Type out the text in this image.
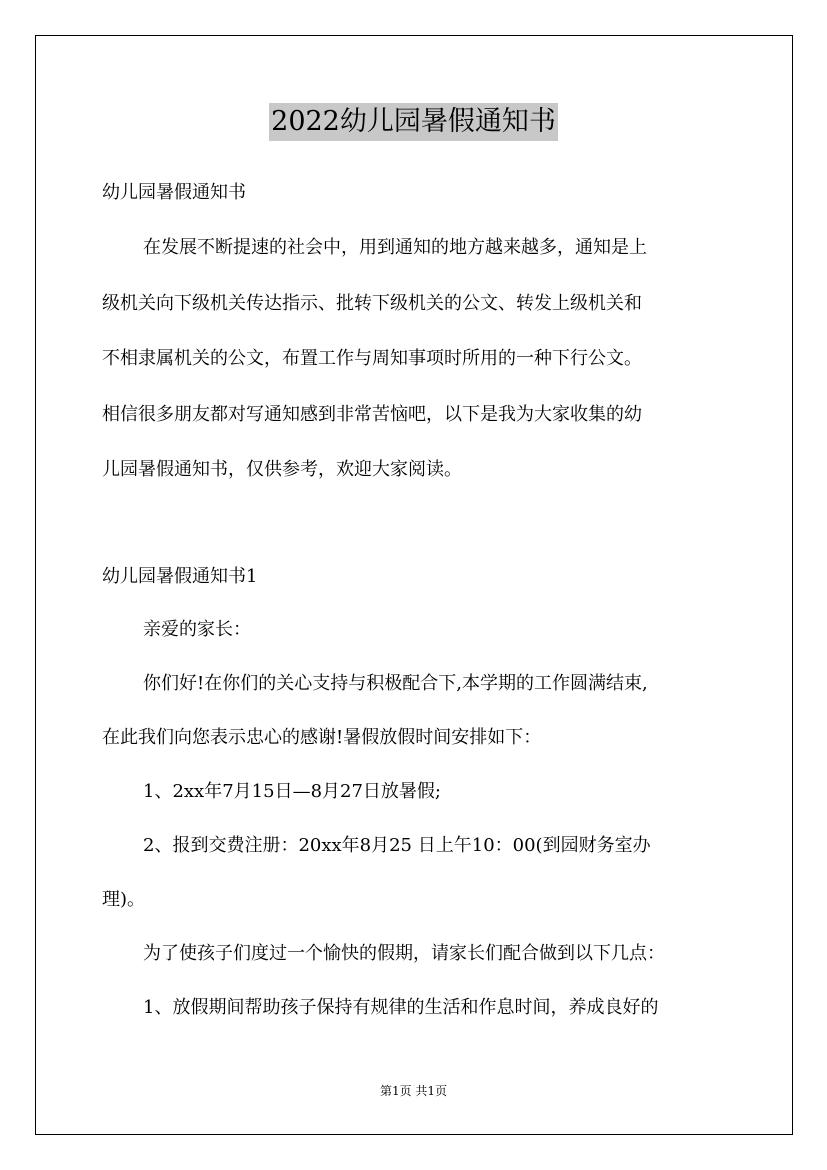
2022幼儿园暑假通知书
幼儿园暑假通知书
在发展不断提速的社会中，用到通知的地方越来越多，通知是上
级机关向下级机关传达指示、批转下级机关的公文、转发上级机关和
不相隶属机关的公文，布置工作与周知事项时所用的一种下行公文。
相信很多朋友都对写通知感到非常苦恼吧，以下是我为大家收集的幼
儿园暑假通知书，仅供参考，欢迎大家阅读。
幼儿园暑假通知书1
亲爱的家长：
你们好!在你们的关心支持与积极配合下,本学期的工作圆满结束,
在此我们向您表示忠心的感谢!暑假放假时间安排如下：
1、2xx年7月15日—8月27日放暑假;
2、报到交费注册：20xx年8月25 日上午10：00(到园财务室办
理)。
为了使孩子们度过一个愉快的假期，请家长们配合做到以下几点：
1、放假期间帮助孩子保持有规律的生活和作息时间，养成良好的
第1页 共1页
